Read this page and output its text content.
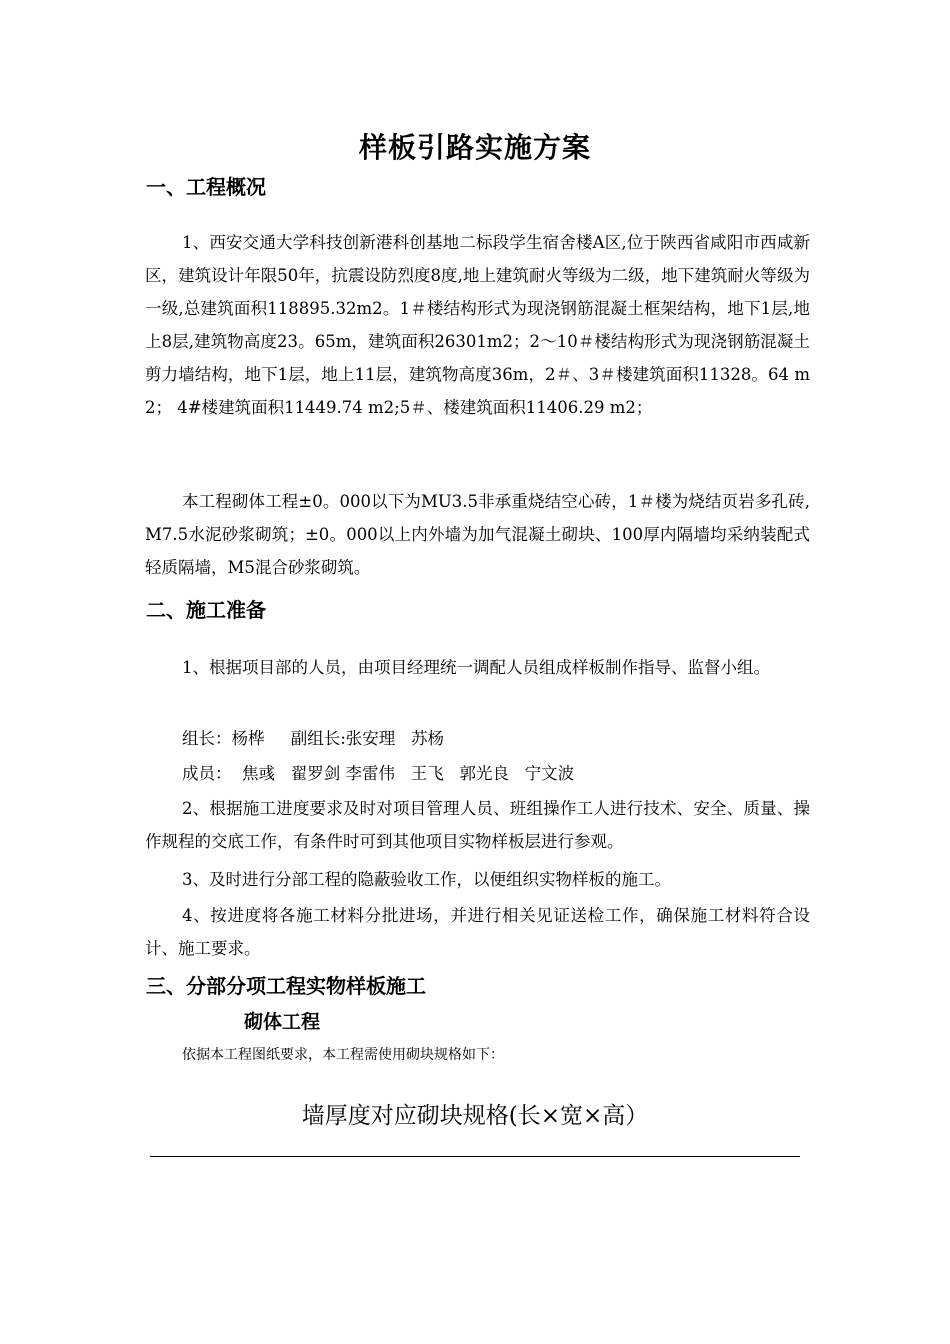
样板引路实施方案
一、工程概况
1、西安交通大学科技创新港科创基地二标段学生宿舍楼A区,位于陕西省咸阳市西咸新区，建筑设计年限50年，抗震设防烈度8度,地上建筑耐火等级为二级，地下建筑耐火等级为一级,总建筑面积118895.32m2。1＃楼结构形式为现浇钢筋混凝土框架结构，地下1层,地上8层,建筑物高度23。65m，建筑面积26301m2；2～10＃楼结构形式为现浇钢筋混凝土剪力墙结构，地下1层，地上11层，建筑物高度36m，2＃、3＃楼建筑面积11328。64 m2； 4#楼建筑面积11449.74 m2;5＃、楼建筑面积11406.29 m2；
本工程砌体工程±0。000以下为MU3.5非承重烧结空心砖，1＃楼为烧结页岩多孔砖,M7.5水泥砂浆砌筑；±0。000以上内外墙为加气混凝土砌块、100厚内隔墙均采纳装配式轻质隔墙，M5混合砂浆砌筑。
二、施工准备
1、根据项目部的人员，由项目经理统一调配人员组成样板制作指导、监督小组。
组长：杨桦     副组长:张安理   苏杨
成员：  焦彧   翟罗剑 李雷伟   王飞   郭光良   宁文波
2、根据施工进度要求及时对项目管理人员、班组操作工人进行技术、安全、质量、操作规程的交底工作，有条件时可到其他项目实物样板层进行参观。
3、及时进行分部工程的隐蔽验收工作，以便组织实物样板的施工。
4、按进度将各施工材料分批进场，并进行相关见证送检工作，确保施工材料符合设计、施工要求。
三、分部分项工程实物样板施工
砌体工程
依据本工程图纸要求，本工程需使用砌块规格如下：
墙厚度对应砌块规格(长×宽×高）
